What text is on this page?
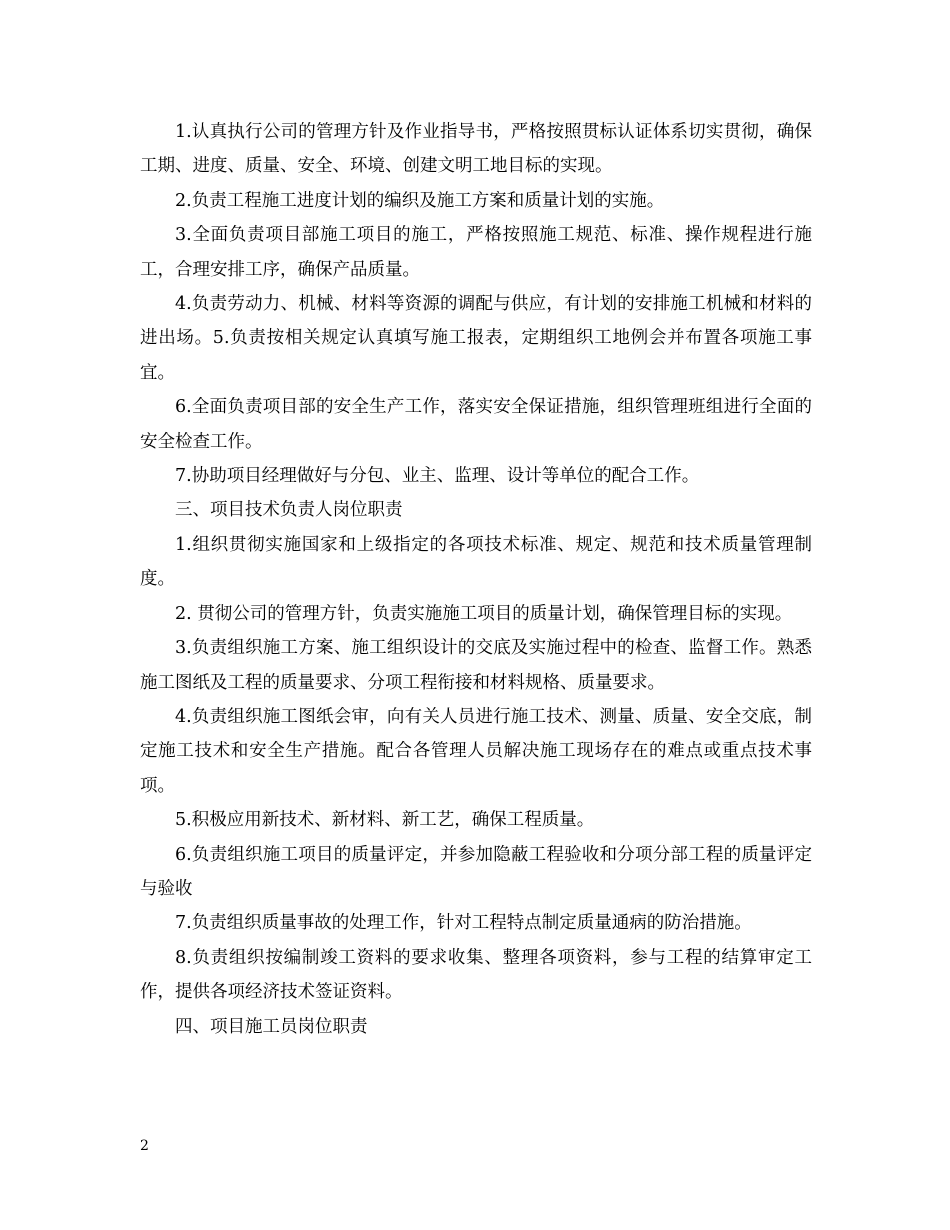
1.认真执行公司的管理方针及作业指导书，严格按照贯标认证体系切实贯彻，确保工期、进度、质量、安全、环境、创建文明工地目标的实现。

2.负责工程施工进度计划的编织及施工方案和质量计划的实施。

3.全面负责项目部施工项目的施工，严格按照施工规范、标准、操作规程进行施工，合理安排工序，确保产品质量。

4.负责劳动力、机械、材料等资源的调配与供应，有计划的安排施工机械和材料的进出场。5.负责按相关规定认真填写施工报表，定期组织工地例会并布置各项施工事宜。

6.全面负责项目部的安全生产工作，落实安全保证措施，组织管理班组进行全面的安全检查工作。

7.协助项目经理做好与分包、业主、监理、设计等单位的配合工作。

三、项目技术负责人岗位职责

1.组织贯彻实施国家和上级指定的各项技术标准、规定、规范和技术质量管理制度。

2. 贯彻公司的管理方针，负责实施施工项目的质量计划，确保管理目标的实现。

3.负责组织施工方案、施工组织设计的交底及实施过程中的检查、监督工作。熟悉施工图纸及工程的质量要求、分项工程衔接和材料规格、质量要求。

4.负责组织施工图纸会审，向有关人员进行施工技术、测量、质量、安全交底，制定施工技术和安全生产措施。配合各管理人员解决施工现场存在的难点或重点技术事项。

5.积极应用新技术、新材料、新工艺，确保工程质量。

6.负责组织施工项目的质量评定，并参加隐蔽工程验收和分项分部工程的质量评定与验收

7.负责组织质量事故的处理工作，针对工程特点制定质量通病的防治措施。

8.负责组织按编制竣工资料的要求收集、整理各项资料，参与工程的结算审定工作，提供各项经济技术签证资料。

四、项目施工员岗位职责

2
